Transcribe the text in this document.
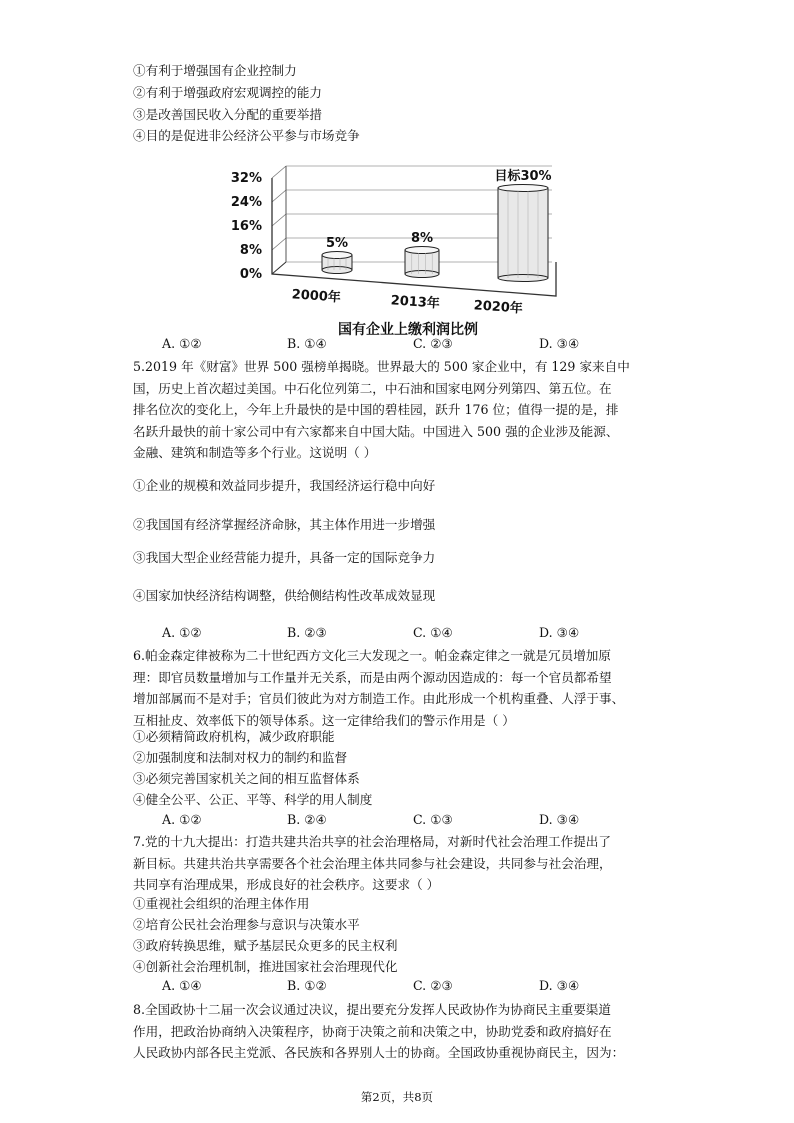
①有利于增强国有企业控制力
②有利于增强政府宏观调控的能力
③是改善国民收入分配的重要举措
④目的是促进非公经济公平参与市场竞争
0%
8%
16%
24%
32%
5%	8%
目标30%
2000年	2013年	2020年
国有企业上缴利润比例
A. ①②	B. ①④	C. ②③	D. ③④
5.2019 年《财富》世界 500 强榜单揭晓。世界最大的 500 家企业中，有 129 家来自中
国，历史上首次超过美国。中石化位列第二，中石油和国家电网分列第四、第五位。在
排名位次的变化上，今年上升最快的是中国的碧桂园，跃升 176 位；值得一提的是，排
名跃升最快的前十家公司中有六家都来自中国大陆。中国进入 500 强的企业涉及能源、
金融、建筑和制造等多个行业。这说明（ ）
①企业的规模和效益同步提升，我国经济运行稳中向好
②我国国有经济掌握经济命脉，其主体作用进一步增强
③我国大型企业经营能力提升，具备一定的国际竞争力
④国家加快经济结构调整，供给侧结构性改革成效显现
A. ①②	B. ②③	C. ①④	D. ③④
6.帕金森定律被称为二十世纪西方文化三大发现之一。帕金森定律之一就是冗员增加原
理：即官员数量增加与工作量并无关系，而是由两个源动因造成的：每一个官员都希望
增加部属而不是对手；官员们彼此为对方制造工作。由此形成一个机构重叠、人浮于事、
互相扯皮、效率低下的领导体系。这一定律给我们的警示作用是（ ）
①必须精简政府机构，减少政府职能
②加强制度和法制对权力的制约和监督
③必须完善国家机关之间的相互监督体系
④健全公平、公正、平等、科学的用人制度
A. ①②	B. ②④	C. ①③	D. ③④
7.党的十九大提出：打造共建共治共享的社会治理格局，对新时代社会治理工作提出了
新目标。共建共治共享需要各个社会治理主体共同参与社会建设，共同参与社会治理，
共同享有治理成果，形成良好的社会秩序。这要求（ ）
①重视社会组织的治理主体作用
②培育公民社会治理参与意识与决策水平
③政府转换思维，赋予基层民众更多的民主权利
④创新社会治理机制，推进国家社会治理现代化
A. ①④	B. ①②	C. ②③	D. ③④
8.全国政协十二届一次会议通过决议，提出要充分发挥人民政协作为协商民主重要渠道
作用，把政治协商纳入决策程序，协商于决策之前和决策之中，协助党委和政府搞好在
人民政协内部各民主党派、各民族和各界别人士的协商。全国政协重视协商民主，因为：
第2页，共8页
